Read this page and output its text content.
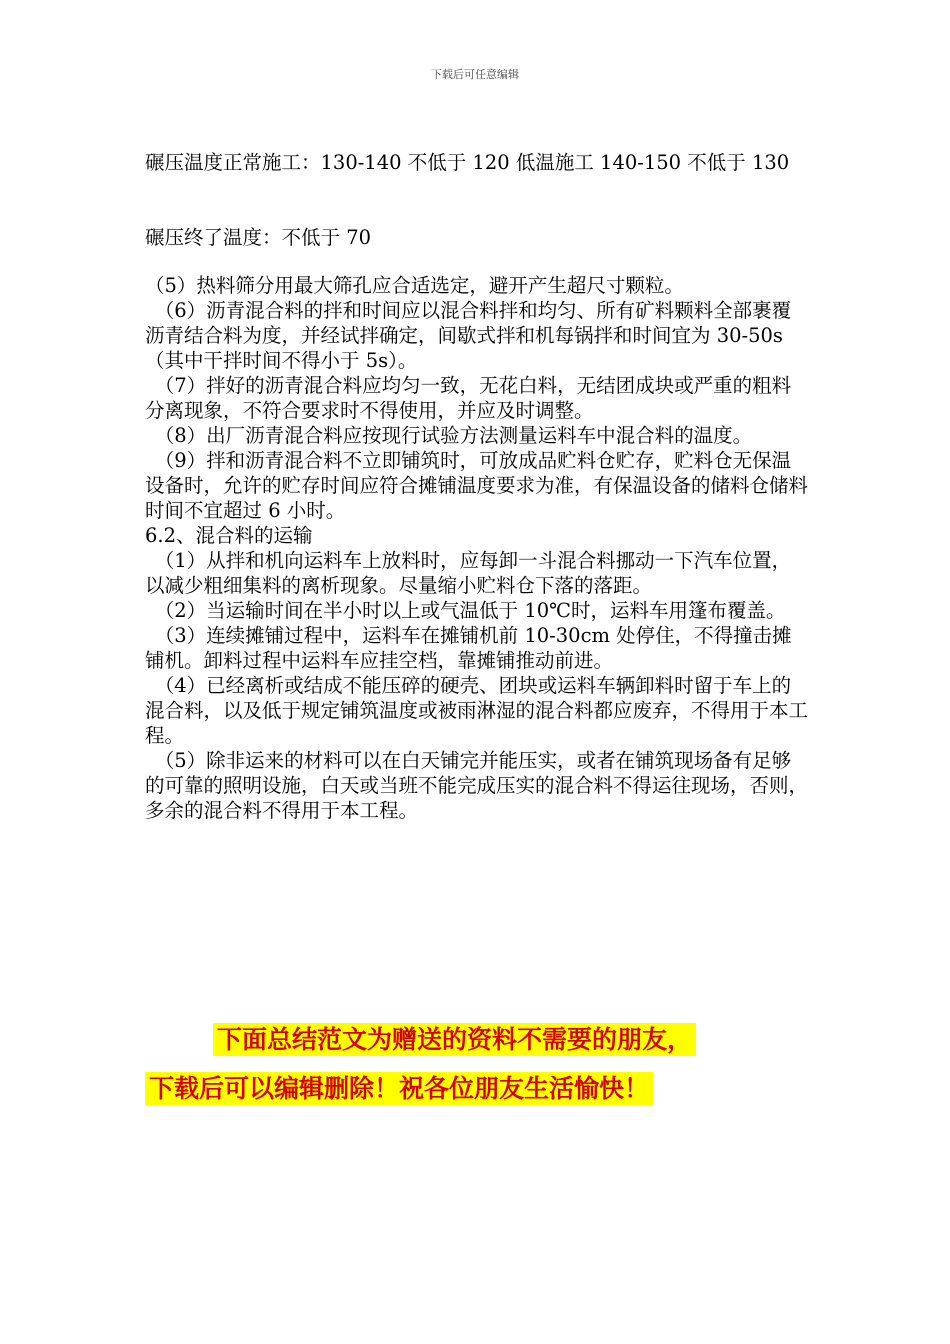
下载后可任意编辑
碾压温度正常施工：130-140 不低于 120 低温施工 140-150 不低于 130
碾压终了温度：不低于 70

（5）热料筛分用最大筛孔应合适选定，避开产生超尺寸颗粒。

（6）沥青混合料的拌和时间应以混合料拌和均匀、所有矿料颗料全部裹覆沥青结合料为度，并经试拌确定，间歇式拌和机每锅拌和时间宜为 30-50s（其中干拌时间不得小于 5s）。

（7）拌好的沥青混合料应均匀一致，无花白料，无结团成块或严重的粗料分离现象，不符合要求时不得使用，并应及时调整。

（8）出厂沥青混合料应按现行试验方法测量运料车中混合料的温度。

（9）拌和沥青混合料不立即铺筑时，可放成品贮料仓贮存，贮料仓无保温设备时，允许的贮存时间应符合摊铺温度要求为准，有保温设备的储料仓储料时间不宜超过 6 小时。

6.2、混合料的运输

（1）从拌和机向运料车上放料时，应每卸一斗混合料挪动一下汽车位置，以减少粗细集料的离析现象。尽量缩小贮料仓下落的落距。

（2）当运输时间在半小时以上或气温低于 10℃时，运料车用篷布覆盖。

（3）连续摊铺过程中，运料车在摊铺机前 10-30cm 处停住，不得撞击摊铺机。卸料过程中运料车应挂空档，靠摊铺推动前进。

（4）已经离析或结成不能压碎的硬壳、团块或运料车辆卸料时留于车上的混合料，以及低于规定铺筑温度或被雨淋湿的混合料都应废弃，不得用于本工程。

（5）除非运来的材料可以在白天铺完并能压实，或者在铺筑现场备有足够的可靠的照明设施，白天或当班不能完成压实的混合料不得运往现场，否则，多余的混合料不得用于本工程。

下面总结范文为赠送的资料不需要的朋友，
下载后可以编辑删除！祝各位朋友生活愉快！
